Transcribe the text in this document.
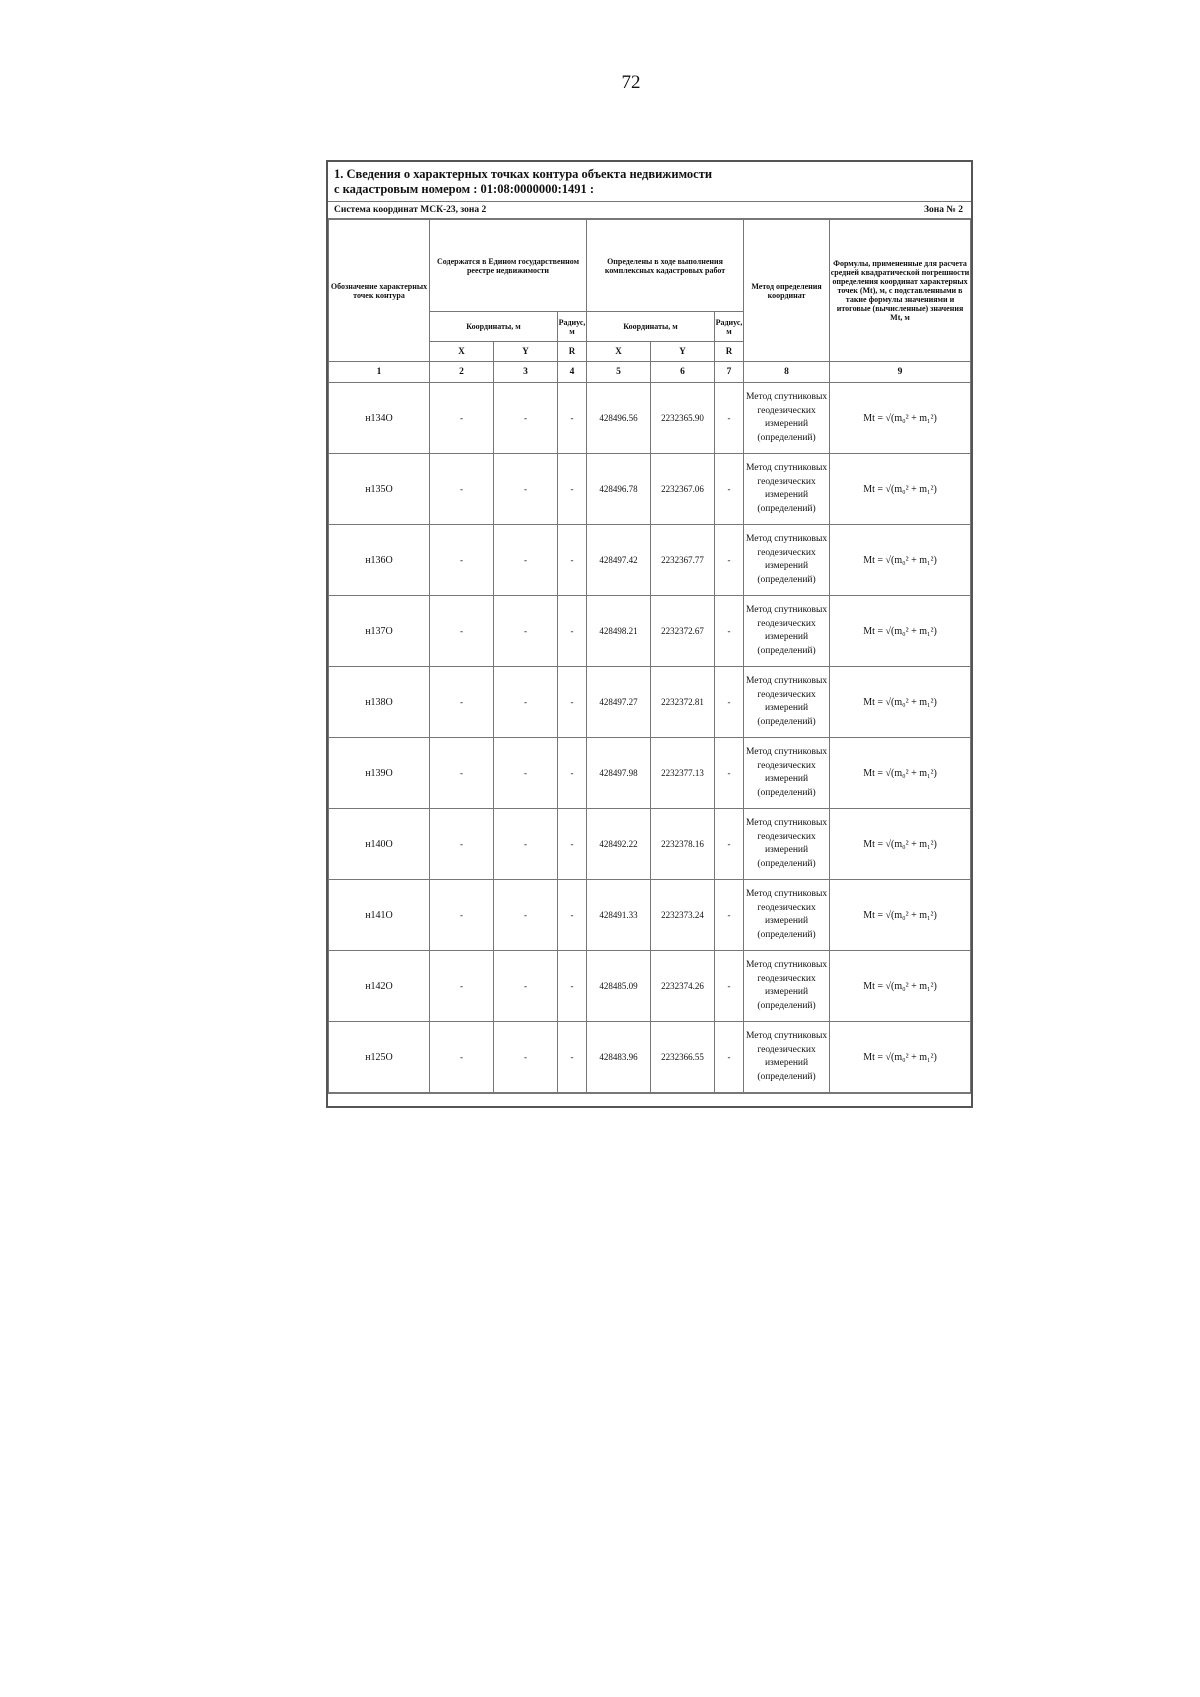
72
1. Сведения о характерных точках контура объекта недвижимости
с кадастровым номером : 01:08:0000000:1491 :
Система координат МСК-23, зона 2	Зона № 2
Обозначение характерных точек контура	Содержатся в Едином государственном реестре недвижимости			Определены в ходе выполнения комплексных кадастровых работ			Метод определения координат	Формулы, примененные для расчета средней квадратической погрешности определения координат характерных точек (Mt), м, с подставленными в такие формулы значениями и итоговые (вычисленные) значения Mt, м
	Координаты, м		Радиус, м	Координаты, м		Радиус, м		
	X	Y	R	X	Y	R		
1	2	3	4	5	6	7	8	9
н134О	-	-	-	428496.56	2232365.90	-	Метод спутниковых геодезических измерений (определений)	Mt = √(m₀² + m₁²)
н135О	-	-	-	428496.78	2232367.06	-	Метод спутниковых геодезических измерений (определений)	Mt = √(m₀² + m₁²)
н136О	-	-	-	428497.42	2232367.77	-	Метод спутниковых геодезических измерений (определений)	Mt = √(m₀² + m₁²)
н137О	-	-	-	428498.21	2232372.67	-	Метод спутниковых геодезических измерений (определений)	Mt = √(m₀² + m₁²)
н138О	-	-	-	428497.27	2232372.81	-	Метод спутниковых геодезических измерений (определений)	Mt = √(m₀² + m₁²)
н139О	-	-	-	428497.98	2232377.13	-	Метод спутниковых геодезических измерений (определений)	Mt = √(m₀² + m₁²)
н140О	-	-	-	428492.22	2232378.16	-	Метод спутниковых геодезических измерений (определений)	Mt = √(m₀² + m₁²)
н141О	-	-	-	428491.33	2232373.24	-	Метод спутниковых геодезических измерений (определений)	Mt = √(m₀² + m₁²)
н142О	-	-	-	428485.09	2232374.26	-	Метод спутниковых геодезических измерений (определений)	Mt = √(m₀² + m₁²)
н125О	-	-	-	428483.96	2232366.55	-	Метод спутниковых геодезических измерений (определений)	Mt = √(m₀² + m₁²)
